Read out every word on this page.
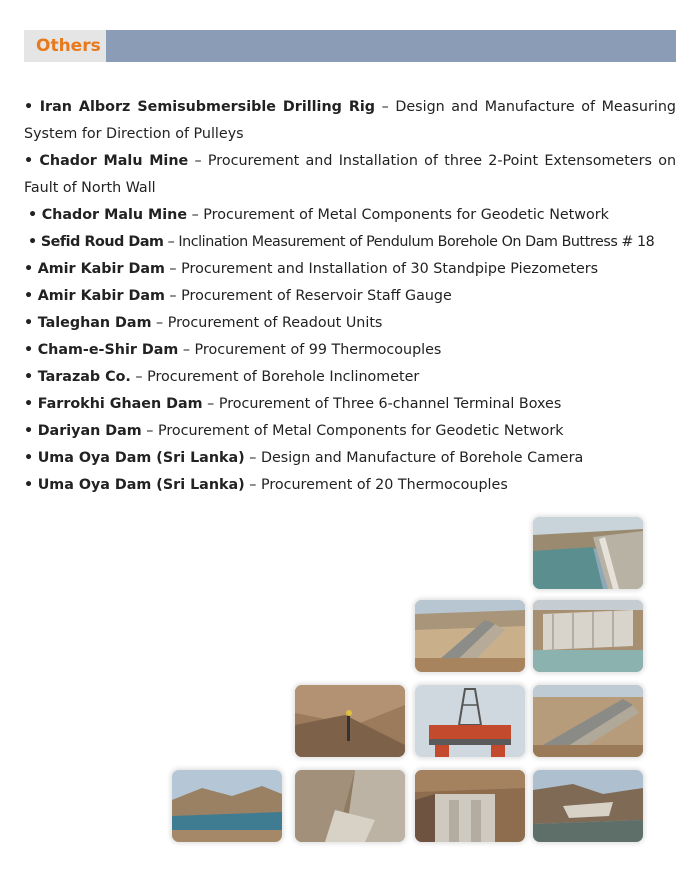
Others
• Iran Alborz Semisubmersible Drilling Rig – Design and Manufacture of Measuring System for Direction of Pulleys
• Chador Malu Mine – Procurement and Installation of three 2-Point Extensometers on Fault of North Wall
• Chador Malu Mine – Procurement of Metal Components for Geodetic Network
• Sefid Roud Dam – Inclination Measurement of Pendulum Borehole On Dam Buttress # 18
• Amir Kabir Dam – Procurement and Installation of 30 Standpipe Piezometers
• Amir Kabir Dam – Procurement of Reservoir Staff Gauge
• Taleghan Dam – Procurement of Readout Units
• Cham-e-Shir Dam – Procurement of 99 Thermocouples
• Tarazab Co. – Procurement of Borehole Inclinometer
• Farrokhi Ghaen Dam – Procurement of Three 6-channel Terminal Boxes
• Dariyan Dam – Procurement of Metal Components for Geodetic Network
• Uma Oya Dam (Sri Lanka) – Design and Manufacture of Borehole Camera
• Uma Oya Dam (Sri Lanka) – Procurement of 20 Thermocouples
